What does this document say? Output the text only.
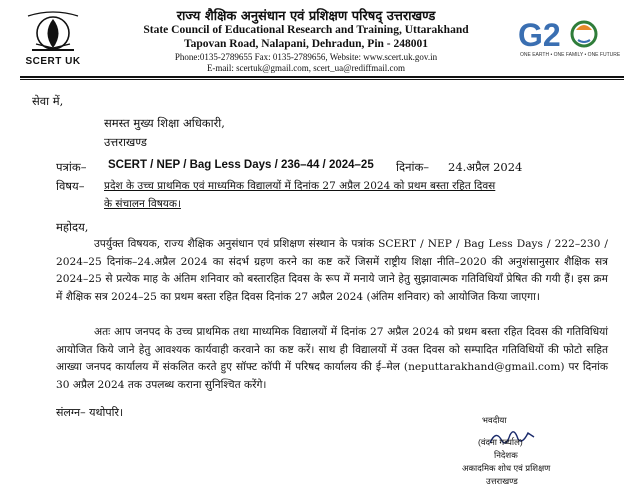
SCERT UK
राज्य शैक्षिक अनुसंधान एवं प्रशिक्षण परिषद् उत्तराखण्ड
State Council of Educational Research and Training, Uttarakhand
Tapovan Road, Nalapani, Dehradun, Pin - 248001
Phone:0135-2789655 Fax: 0135-2789656, Website: www.scert.uk.gov.in
E-mail: scertuk@gmail.com, scert_ua@rediffmail.com
G2
ONE EARTH • ONE FAMILY • ONE FUTURE
सेवा में,
समस्त मुख्य शिक्षा अधिकारी,
उत्तराखण्ड
पत्रांक– SCERT / NEP / Bag Less Days / 236–44 / 2024–25 दिनांक– 24.अप्रैल 2024
विषय– प्रदेश के उच्च प्राथमिक एवं माध्यमिक विद्यालयों में दिनांक 27 अप्रैल 2024 को प्रथम बस्ता रहित दिवस
के संचालन विषयक।
महोदय,

उपर्युक्त विषयक, राज्य शैक्षिक अनुसंधान एवं प्रशिक्षण संस्थान के पत्रांक SCERT / NEP / Bag Less Days / 222–230 / 2024–25 दिनांक–24.अप्रैल 2024 का संदर्भ ग्रहण करने का कष्ट करें जिसमें राष्ट्रीय शिक्षा नीति–2020 की अनुशंसानुसार शैक्षिक सत्र 2024–25 से प्रत्येक माह के अंतिम शनिवार को बस्तारहित दिवस के रूप में मनाये जाने हेतु सुझावात्मक गतिविधियाँ प्रेषित की गयी हैं। इस क्रम में शैक्षिक सत्र 2024–25 का प्रथम बस्ता रहित दिवस दिनांक 27 अप्रैल 2024 (अंतिम शनिवार) को आयोजित किया जाएगा।

अतः आप जनपद के उच्च प्राथमिक तथा माध्यमिक विद्यालयों में दिनांक 27 अप्रैल 2024 को प्रथम बस्ता रहित दिवस की गतिविधियां आयोजित किये जाने हेतु आवश्यक कार्यवाही करवाने का कष्ट करें। साथ ही विद्यालयों में उक्त दिवस को सम्पादित गतिविधियों की फोटो सहित आख्या जनपद कार्यालय में संकलित करते हुए सॉफ्ट कॉपी में परिषद कार्यालय की ई–मेल (neputtarakhand@gmail.com) पर दिनांक 30 अप्रैल 2024 तक उपलब्ध कराना सुनिश्चित करेंगे।

संलग्न– यथोपरि।
भवदीया
(वंदना गर्ब्याल)
निदेशक
अकादमिक शोध एवं प्रशिक्षण
उत्तराखण्ड
